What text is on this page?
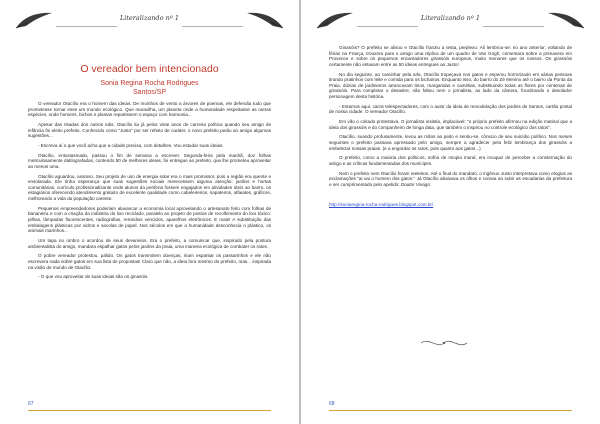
Literalizando nº 1
O vereador bem intencionado
Sonia Regina Rocha Rodrigues
Santos/SP

O vereador Otacílio era o homem das ideias. De moinhos de vento a árvores de poemas, ele defendia tudo que prometesse tornar esse um mundo ecológico. Que maravilha, um planeta onde a humanidade respeitasse as outras espécies, onde homens, bichos e plantas repartissem o espaço com harmonia...

Apesar das risadas dos outros edis, Otacílio lia já pelos vinte anos de carreira política quando seu amigo de infância foi eleito prefeito. Conhecido como "Justo" por ser refeito de caráter, o novo prefeito pediu ao amigo algumas sugestões...

- Escreva aí o que você acha que a cidade precisa, com detalhes. Vou estudar suas ideias.

Otacílio, entusiasmado, passou o fim de semana a escrever. Segunda-feira pela manhã, doz folhas meticulosamente datilografadas, contendo 50 de melhores ideias, foi entregue ao prefeito, que lhe prometeu aproveitar ao menos uma.

Otacílio aguardou, ansioso. Seu projeto de uso de energia solar era o mais promissor, pois a região era quente e ensolarada. Ele tinha esperança que suas sugestões sociais merecessem alguma atenção: jardins e hortas comunitárias, currículo profissionalizante onde alunos da periferia fossem engajados em atividades úteis ao bairro, os estagiários oferecendo atendimento gratuito de excelente qualidade como cabeleireiros, sapateiros, alfaiates, gráficos, melhorando a vida da população carente.

Pequenos empreendedores poderiam alavancar a economia local aprovelando o artesanato feito com folhas de bananeira e com a criação da indústria do lixo reciclado, paralelo ao projeto de postos de recolhimento do lixo tóxico: pilhas, lâmpadas fluorescentes, radiografias, remédios vencidos, aparelhos eletrônicos. E mais! A substituição das embalagens plásticas por vidros e sacolas de papel. Nos séculos em que a humanidade desconhecia o plástico, os animais marinhos...

Um tapa no ombro o acordou de seus devaneios. Era o prefeito, a comunicar que, inspirado pela postura ambientalista do amigo, mandara espalhar gatos pelos jardins da praia, uma maneira ecológica de combater os ratos.

O pobre vereador protestou, pálido. Os gatos transmitem doenças, iriam espantar os passarinhos e ele não escrevera nada sobre gatos em sua lista de propostas! Claro que não, a ideia fora mesmo do prefeito, mas... inspirada na visão de mundo de Otacílio.

- O que vou aproveitar de suas ideias são os ginasóis.

67
Literalizando nº 1

Ginasóis? O prefeito se alisou e Otacílio franziu a testa, perplexo. Ali lembrou-se: no ano anterior, voltando de férias na França, trouxera para o amigo uma réplica de um quadro de Van Gogh, comentara sobre a primavera em Provence e sobre os pequenos encantadores girassóis europeus, muito menores que os nossos. Os girassóis certamente não estavam entre as 50 ideias entregues ao Justo!

No dia seguinte, ao caminhar pela orla, Otacílio tropeçava nos gatos e esperou horrorizado em várias pessoas tirando pratinhos com leite e comida para os bichanos. Enquanto isso, do bairro do Zé Menino até o bairro da Ponta da Praia, dúzias de jardineiros arrancavam tinos, margaridas e camélias, substituindo todas as flores por centenas de girassóis. Para completar o desastre, não faltou nem o jornalista, ao lado da câmera, focalizando o desolador personagem desta história.

- Estamos aqui, caros telespectadores, com o autor da ideia de remodelação dos jardins de Santos, cartão postal de nossa cidade. O vereador Otacílio.

Em vão o coitado protestava. O jornalista insistia, implacável: "o próprio prefeito afirmou na edição matinal que a ideia dos girassóis e do companheiro de longa data, que também o inspirou no controle ecológico dos ratos".

Otacílio, suando profusamente, levou as mãos ao peito e sentiu-se, cônscio de seu suicídio político. Nos meses seguintes o prefeito passava apressado pelo amigo, sempre a agradecer pela feliz lembrança dos girassóis a embelezar nossas praias. (e a engordar os ratos, pois quanto aos gatos...)

O prefeito, como a maioria dos políticos, sofria de miopia moral, era incapaz de perceber a consternação do amigo e as críticas fundamentadas dos munícipes.

Nem o prefeito nem Otacílio foram reeleitos. Até o final do mandato, o ingênuo Justo interpretava como elogios as exclamações "ai vai o homem dos gatos." Já Otacílio abaixava os olhos e corava ao subir as escadarias da prefeitura e ser cumprimentado pelo apelido: Doutor Vivago.

http://soniaregina-rocha-rodrigues.blogspot.com.br/

68
